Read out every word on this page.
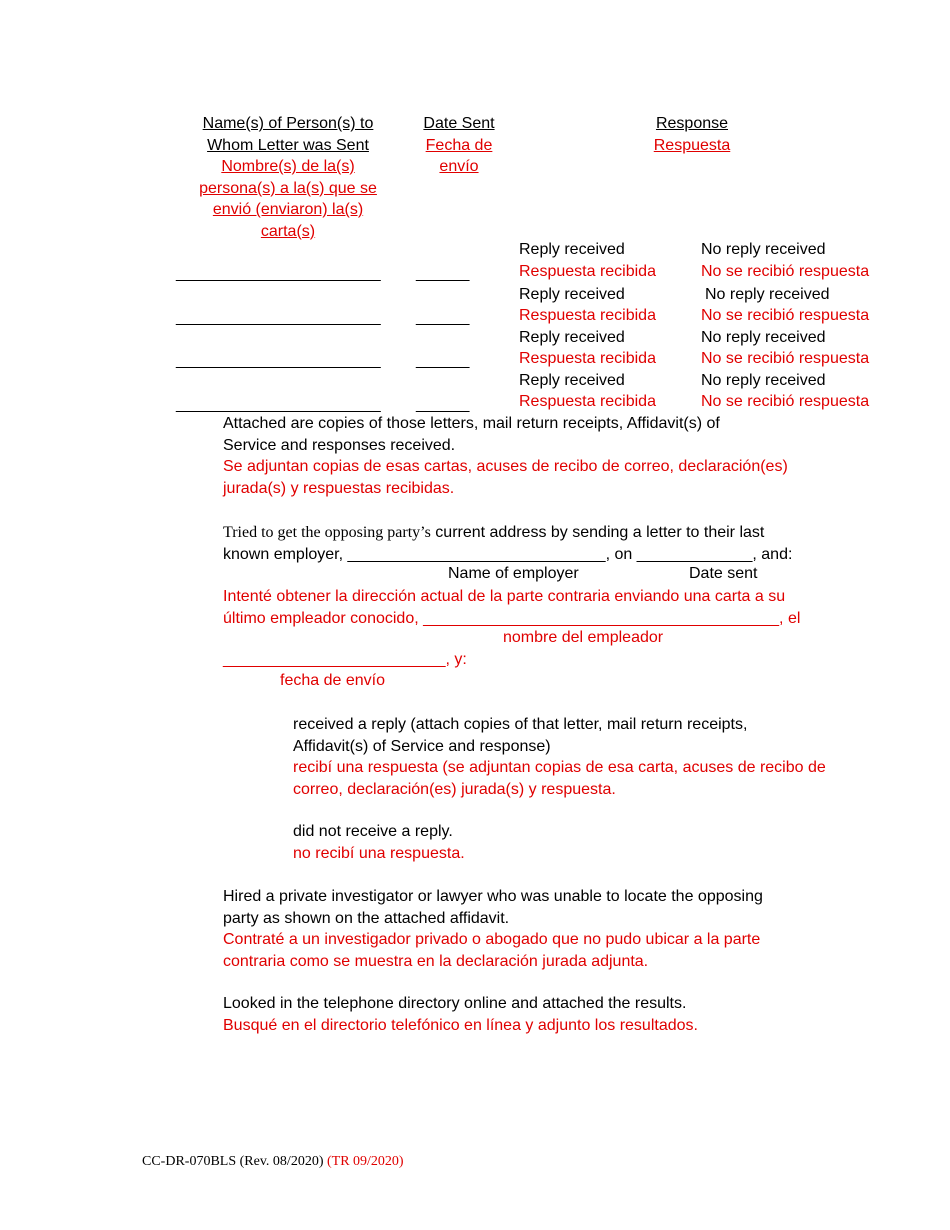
Name(s) of Person(s) to
Whom Letter was Sent
Nombre(s) de la(s)
persona(s) a la(s) que se
envió (enviaron) la(s)
carta(s)
Date Sent
Fecha de
envío
Response
Respuesta
_______________________ ______
Reply received
Respuesta recibida
No reply received
No se recibió respuesta
_______________________ ______
Reply received
Respuesta recibida
No reply received
No se recibió respuesta
_______________________ ______
Reply received
Respuesta recibida
No reply received
No se recibió respuesta
_______________________ ______
Reply received
Respuesta recibida
No reply received
No se recibió respuesta
Attached are copies of those letters, mail return receipts, Affidavit(s) of
Service and responses received.
Se adjuntan copias de esas cartas, acuses de recibo de correo, declaración(es)
jurada(s) y respuestas recibidas.
Tried to get the opposing party’s current address by sending a letter to their last
known employer, _____________________________, on _____________, and:
Name of employer	Date sent
Intenté obtener la dirección actual de la parte contraria enviando una carta a su
último empleador conocido, ________________________________________, el
nombre del empleador
_________________________, y:
fecha de envío
received a reply (attach copies of that letter, mail return receipts,
Affidavit(s) of Service and response)
recibí una respuesta (se adjuntan copias de esa carta, acuses de recibo de
correo, declaración(es) jurada(s) y respuesta.
did not receive a reply.
no recibí una respuesta.
Hired a private investigator or lawyer who was unable to locate the opposing
party as shown on the attached affidavit.
Contraté a un investigador privado o abogado que no pudo ubicar a la parte
contraria como se muestra en la declaración jurada adjunta.
Looked in the telephone directory online and attached the results.
Busqué en el directorio telefónico en línea y adjunto los resultados.
CC-DR-070BLS (Rev. 08/2020) (TR 09/2020)
